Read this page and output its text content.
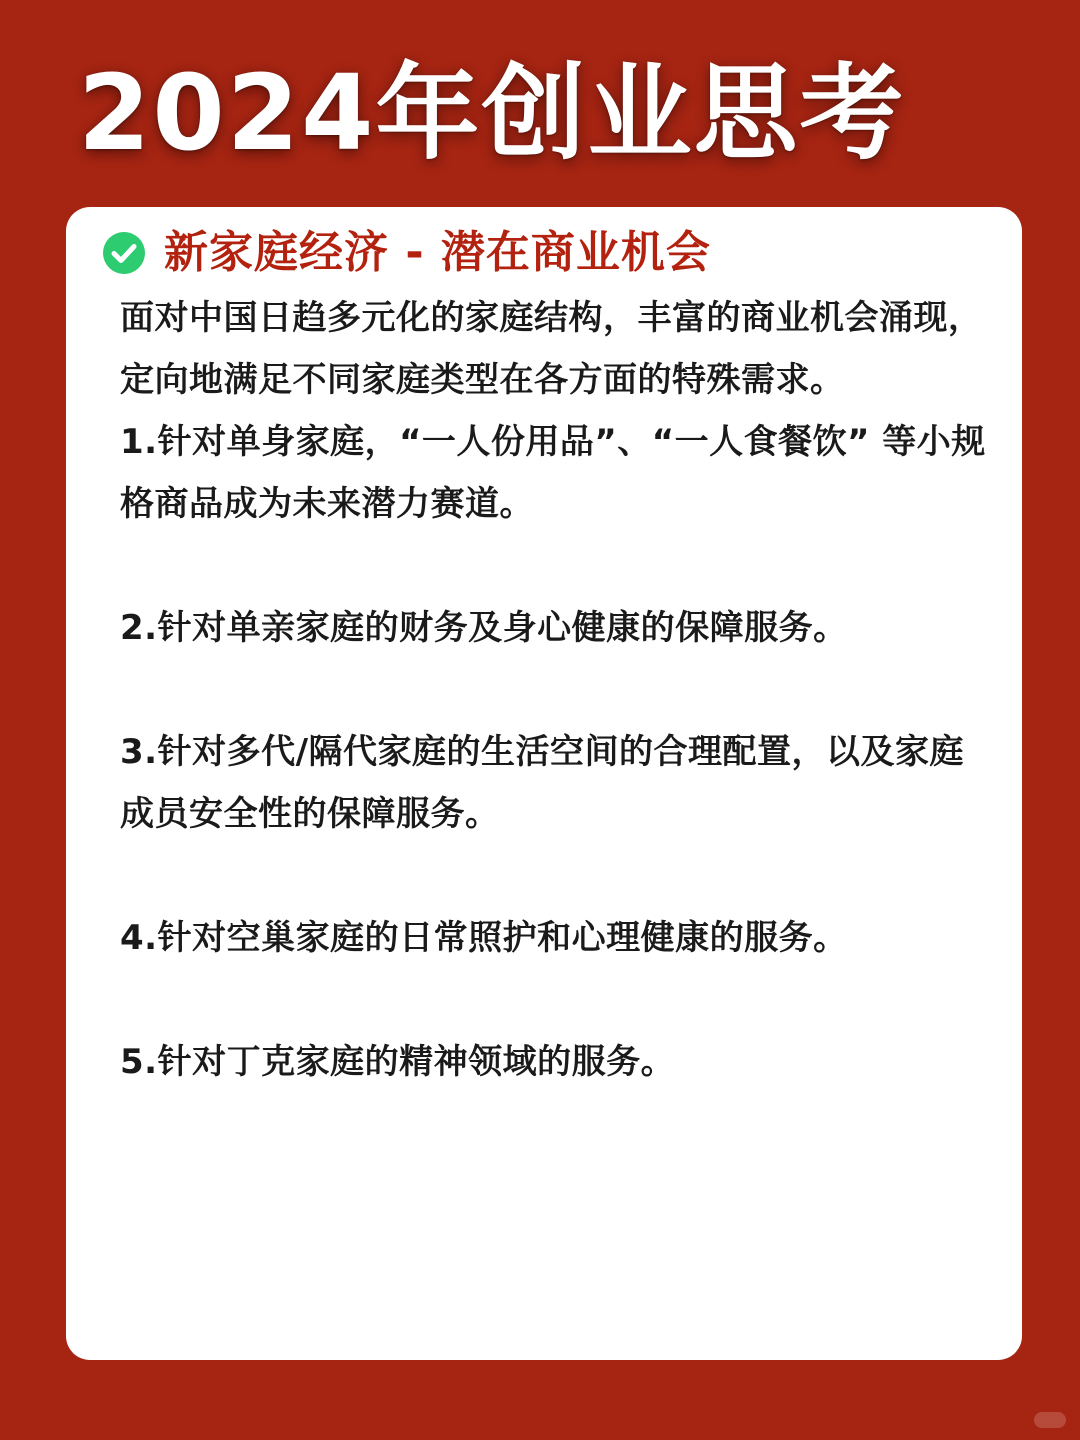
2024年创业思考
新家庭经济 - 潜在商业机会

面对中国日趋多元化的家庭结构，丰富的商业机会涌现，定向地满足不同家庭类型在各方面的特殊需求。

1.针对单身家庭，“一人份用品”、“一人食餐饮” 等小规格商品成为未来潜力赛道。

2.针对单亲家庭的财务及身心健康的保障服务。

3.针对多代/隔代家庭的生活空间的合理配置，以及家庭成员安全性的保障服务。

4.针对空巢家庭的日常照护和心理健康的服务。

5.针对丁克家庭的精神领域的服务。
